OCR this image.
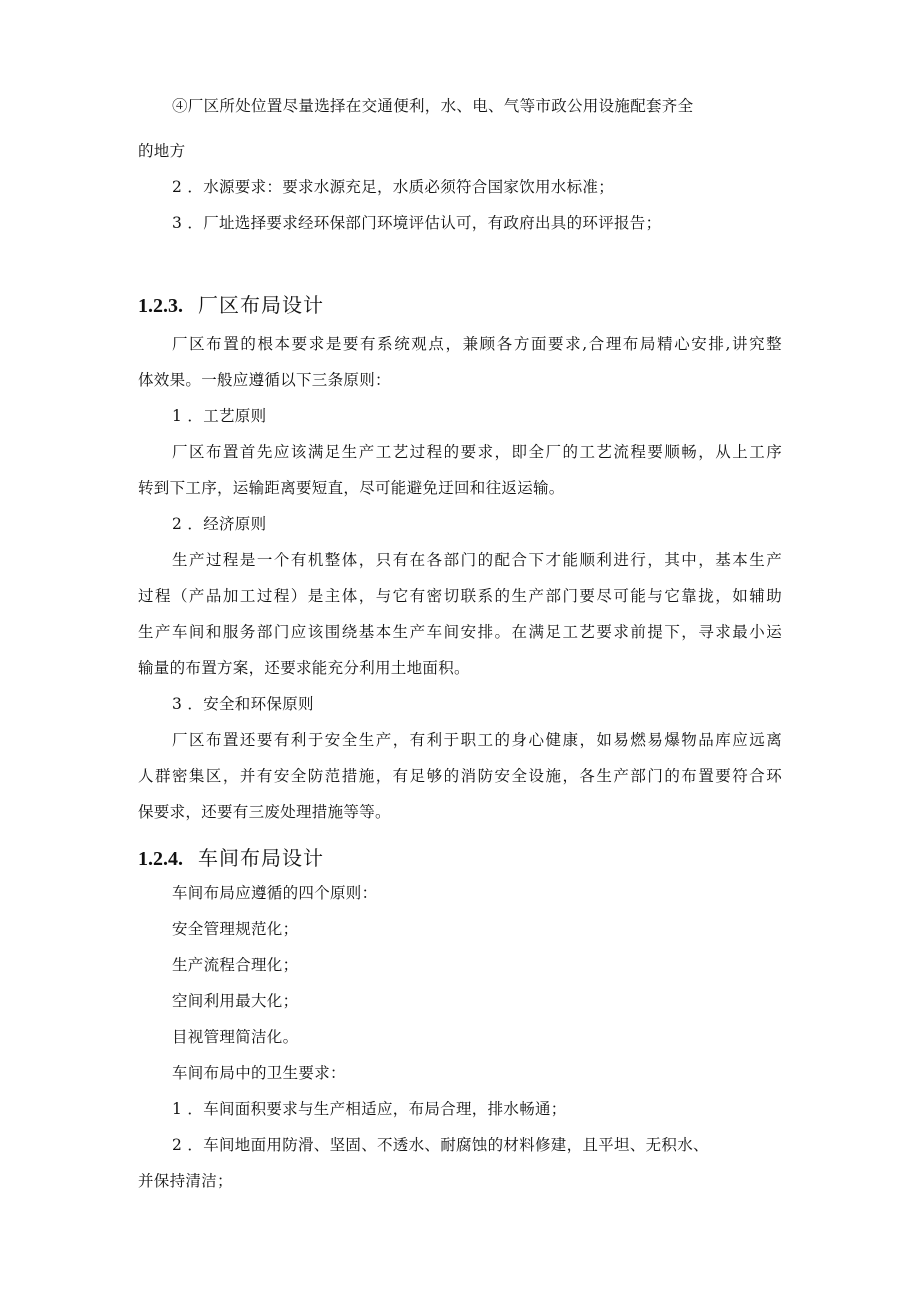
④厂区所处位置尽量选择在交通便利，水、电、气等市政公用设施配套齐全
的地方
2 ．水源要求：要求水源充足，水质必须符合国家饮用水标准；
3 ．厂址选择要求经环保部门环境评估认可，有政府出具的环评报告；
1.2.3. 厂区布局设计
厂区布置的根本要求是要有系统观点，兼顾各方面要求,合理布局精心安排,讲究整
体效果。一般应遵循以下三条原则：
1 ．工艺原则
厂区布置首先应该满足生产工艺过程的要求，即全厂的工艺流程要顺畅，从上工序
转到下工序，运输距离要短直，尽可能避免迂回和往返运输。
2 ．经济原则
生产过程是一个有机整体，只有在各部门的配合下才能顺利进行，其中，基本生产
过程（产品加工过程）是主体，与它有密切联系的生产部门要尽可能与它靠拢，如辅助
生产车间和服务部门应该围绕基本生产车间安排。在满足工艺要求前提下，寻求最小运
输量的布置方案，还要求能充分利用土地面积。
3 ．安全和环保原则
厂区布置还要有利于安全生产，有利于职工的身心健康，如易燃易爆物品库应远离
人群密集区，并有安全防范措施，有足够的消防安全设施，各生产部门的布置要符合环
保要求，还要有三废处理措施等等。
1.2.4. 车间布局设计
车间布局应遵循的四个原则：
安全管理规范化；
生产流程合理化；
空间利用最大化；
目视管理简洁化。
车间布局中的卫生要求：
1 ．车间面积要求与生产相适应，布局合理，排水畅通；
2 ．车间地面用防滑、坚固、不透水、耐腐蚀的材料修建，且平坦、无积水、
并保持清洁；
